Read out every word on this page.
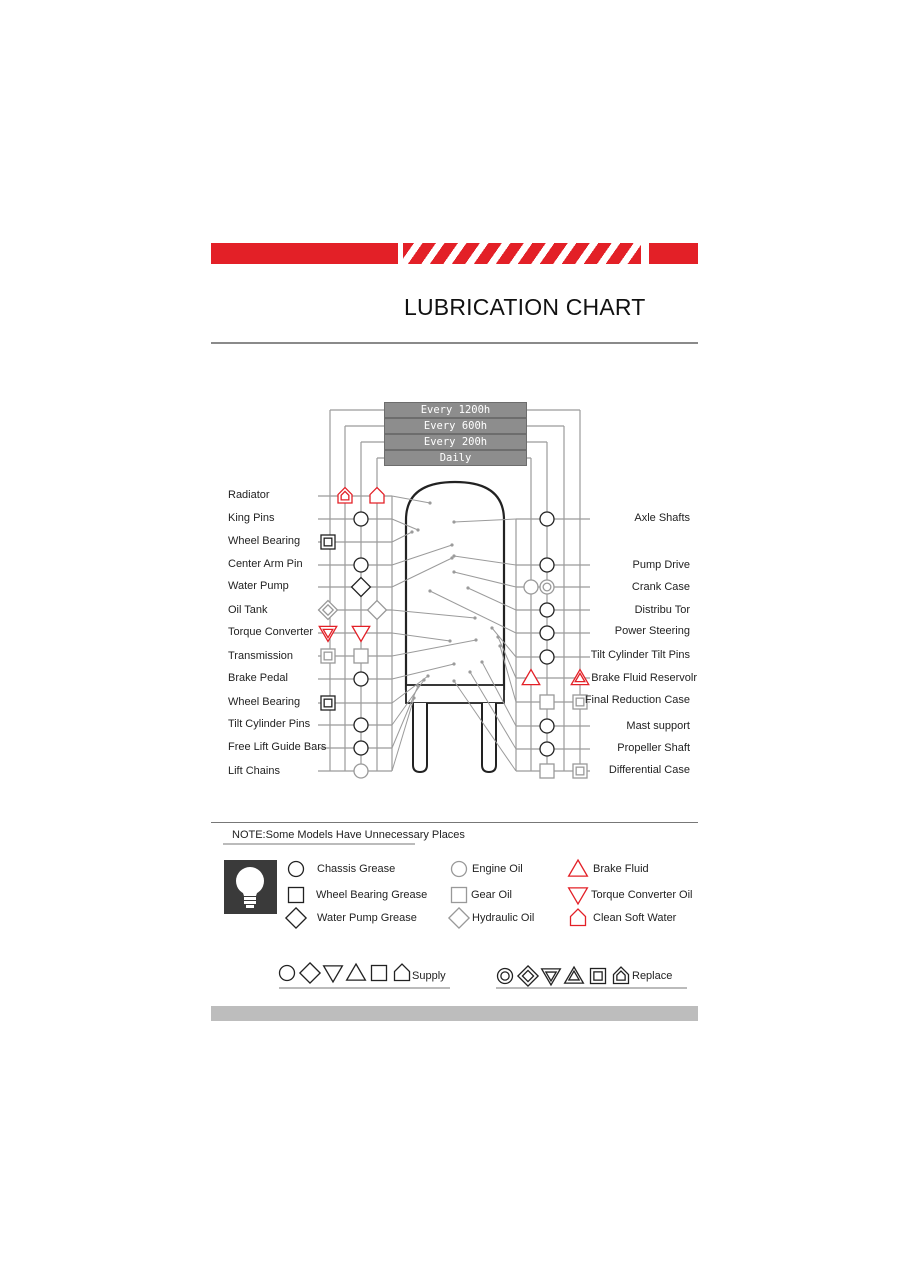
LUBRICATION CHART
Every 1200h
Every 600h
Every 200h
Daily
Radiator
King Pins
Wheel Bearing
Center Arm Pin
Water Pump
Oil Tank
Torque Converter
Transmission
Brake Pedal
Wheel Bearing
Tilt Cylinder Pins
Free Lift Guide Bars
Lift Chains
Axle Shafts
Pump Drive
Crank Case
Distribu Tor
Power Steering
Tilt Cylinder Tilt Pins
Brake Fluid Reservolr
Final Reduction Case
Mast support
Propeller Shaft
Differential Case
NOTE:Some Models Have Unnecessary Places
Chassis Grease
Wheel Bearing Grease
Water Pump Grease
Engine Oil
Gear Oil
Hydraulic Oil
Brake Fluid
Torque Converter Oil
Clean Soft Water
Supply	Replace
